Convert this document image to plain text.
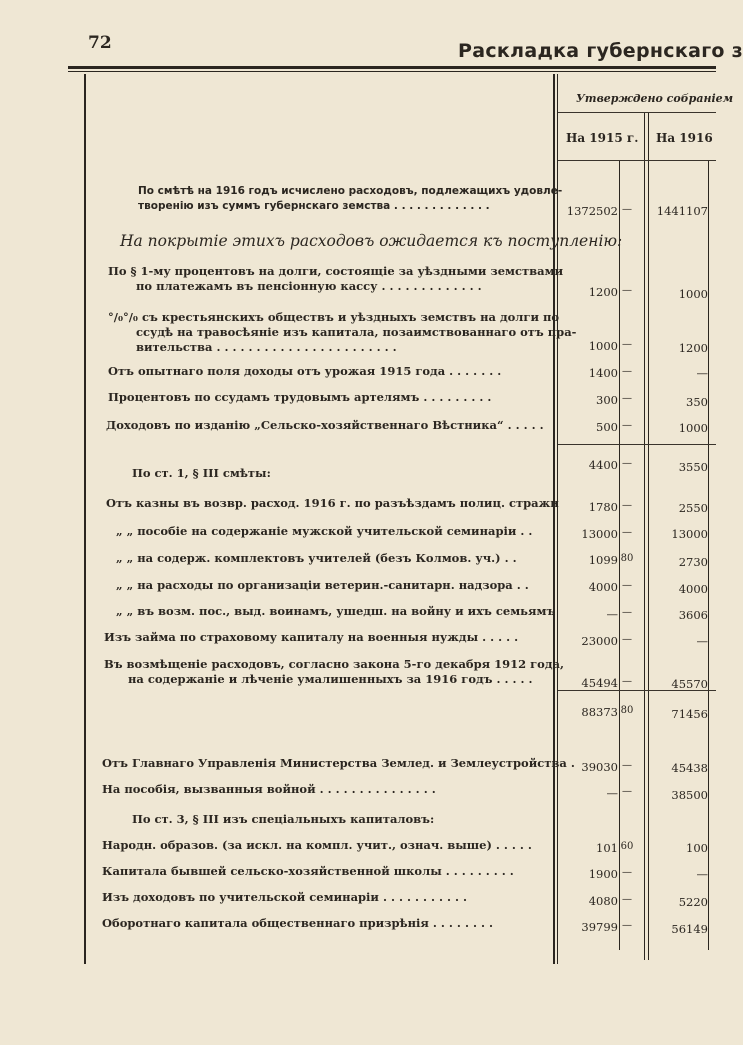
72	Раскладка губернскаго з
Утверждено собранiем
На 1915 г. На 1916
На покрытiе этихъ расходовъ ожидается къ поступленiю:
По смѣтѣ на 1916 годъ исчислено расходовъ, подлежащихъ удовле-
творенiю изъ суммъ губернскаго земства . . . . . . . . . . . . .	1372502 —	1441107
По § 1-му процентовъ на долги, состоящiе за уѣздными земствами
по платежамъ въ пенсiонную кассу . . . . . . . . . . . . .	1200 —	1000
°/₀°/₀ съ крестьянскихъ обществъ и уѣздныхъ земствъ на долги по
ссудѣ на травосѣянiе изъ капитала, позаимствованнаго отъ пра-
вительства . . . . . . . . . . . . . . . . . . . . . . .	1000 —	1200
Отъ опытнаго поля доходы отъ урожая 1915 года . . . . . . .	1400 —	—
Процентовъ по ссудамъ трудовымъ артелямъ . . . . . . . . .	300 —	350
Доходовъ по изданiю „Сельско-хозяйственнаго Вѣстника“ . . . . .	500 —	1000
4400 —	3550
По ст. 1, § III смѣты:
Отъ казны въ возвр. расход. 1916 г. по разъѣздамъ полиц. стражи	1780 —	2550
„ „ пособiе на содержанiе мужской учительской семинарiи . .	13000 —	13000
„ „ на содерж. комплектовъ учителей (безъ Колмов. уч.) . .	1099 80	2730
„ „ на расходы по организацiи ветерин.-санитарн. надзора . .	4000 —	4000
„ „ въ возм. пос., выд. воинамъ, ушедш. на войну и ихъ семьямъ	— —	3606
Изъ займа по страховому капиталу на военныя нужды . . . . .	23000 —	—
Въ возмѣщенiе расходовъ, согласно закона 5-го декабря 1912 года,
на содержанiе и лѣченiе умалишенныхъ за 1916 годъ . . . . .	45494 —	45570
88373 80	71456
Отъ Главнаго Управленiя Министерства Землед. и Землеустройства . 39030 —	45438
На пособiя, вызванныя войной . . . . . . . . . . . . . . .	— —	38500
По ст. 3, § III изъ спецiальныхъ капиталовъ:
Народн. образов. (за искл. на компл. учит., означ. выше) . . . . .	101 60	100
Капитала бывшей сельско-хозяйственной школы . . . . . . . . .	1900 —	—
Изъ доходовъ по учительской семинарiи . . . . . . . . . . .	4080 —	5220
Оборотнаго капитала общественнаго призрѣнiя . . . . . . . .	39799 —	56149
